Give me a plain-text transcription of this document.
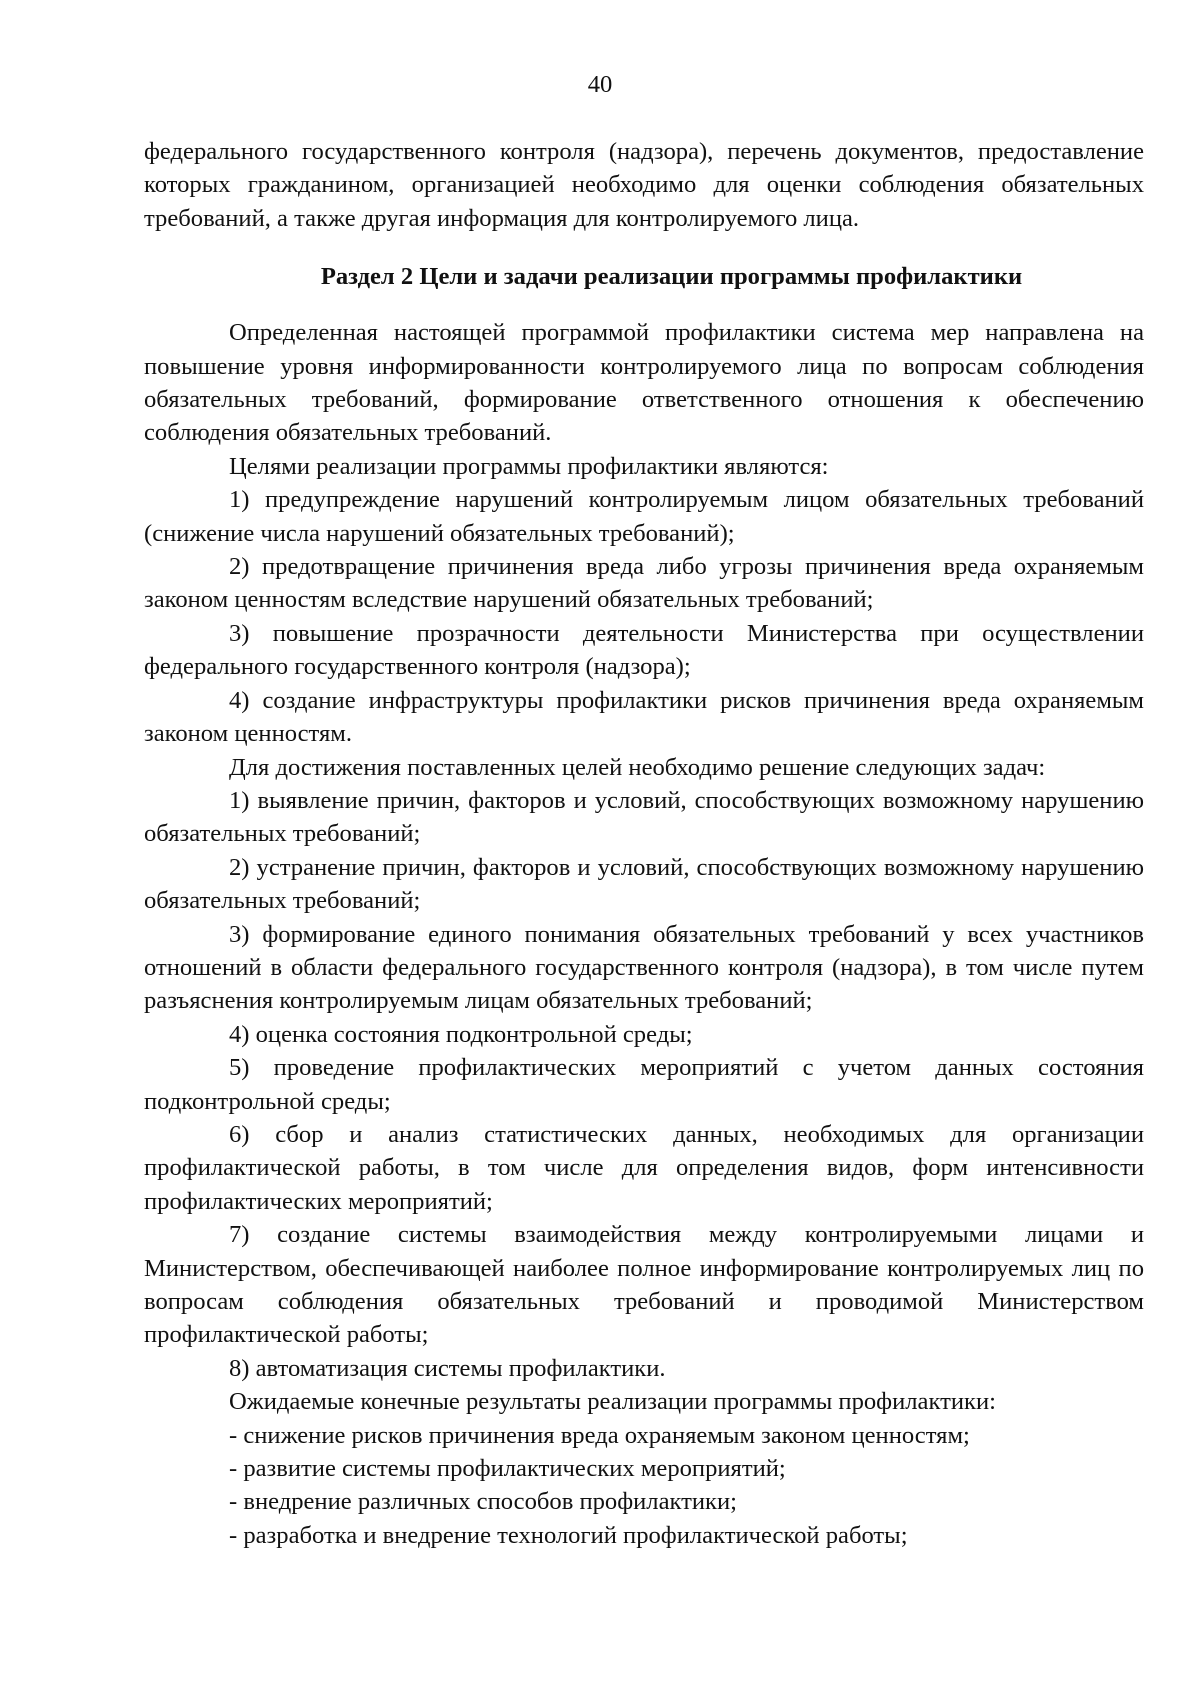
40

федерального государственного контроля (надзора), перечень документов, предоставление которых гражданином, организацией необходимо для оценки соблюдения обязательных требований, а также другая информация для контролируемого лица.

Раздел 2 Цели и задачи реализации программы профилактики

Определенная настоящей программой профилактики система мер направлена на повышение уровня информированности контролируемого лица по вопросам соблюдения обязательных требований, формирование ответственного отношения к обеспечению соблюдения обязательных требований.

Целями реализации программы профилактики являются:

1) предупреждение нарушений контролируемым лицом обязательных требований (снижение числа нарушений обязательных требований);

2) предотвращение причинения вреда либо угрозы причинения вреда охраняемым законом ценностям вследствие нарушений обязательных требований;

3) повышение прозрачности деятельности Министерства при осуществлении федерального государственного контроля (надзора);

4) создание инфраструктуры профилактики рисков причинения вреда охраняемым законом ценностям.

Для достижения поставленных целей необходимо решение следующих задач:

1) выявление причин, факторов и условий, способствующих возможному нарушению обязательных требований;

2) устранение причин, факторов и условий, способствующих возможному нарушению обязательных требований;

3) формирование единого понимания обязательных требований у всех участников отношений в области федерального государственного контроля (надзора), в том числе путем разъяснения контролируемым лицам обязательных требований;

4) оценка состояния подконтрольной среды;

5) проведение профилактических мероприятий с учетом данных состояния подконтрольной среды;

6) сбор и анализ статистических данных, необходимых для организации профилактической работы, в том числе для определения видов, форм интенсивности профилактических мероприятий;

7) создание системы взаимодействия между контролируемыми лицами и Министерством, обеспечивающей наиболее полное информирование контролируемых лиц по вопросам соблюдения обязательных требований и проводимой Министерством профилактической работы;

8) автоматизация системы профилактики.

Ожидаемые конечные результаты реализации программы профилактики:

- снижение рисков причинения вреда охраняемым законом ценностям;

- развитие системы профилактических мероприятий;

- внедрение различных способов профилактики;

- разработка и внедрение технологий профилактической работы;
